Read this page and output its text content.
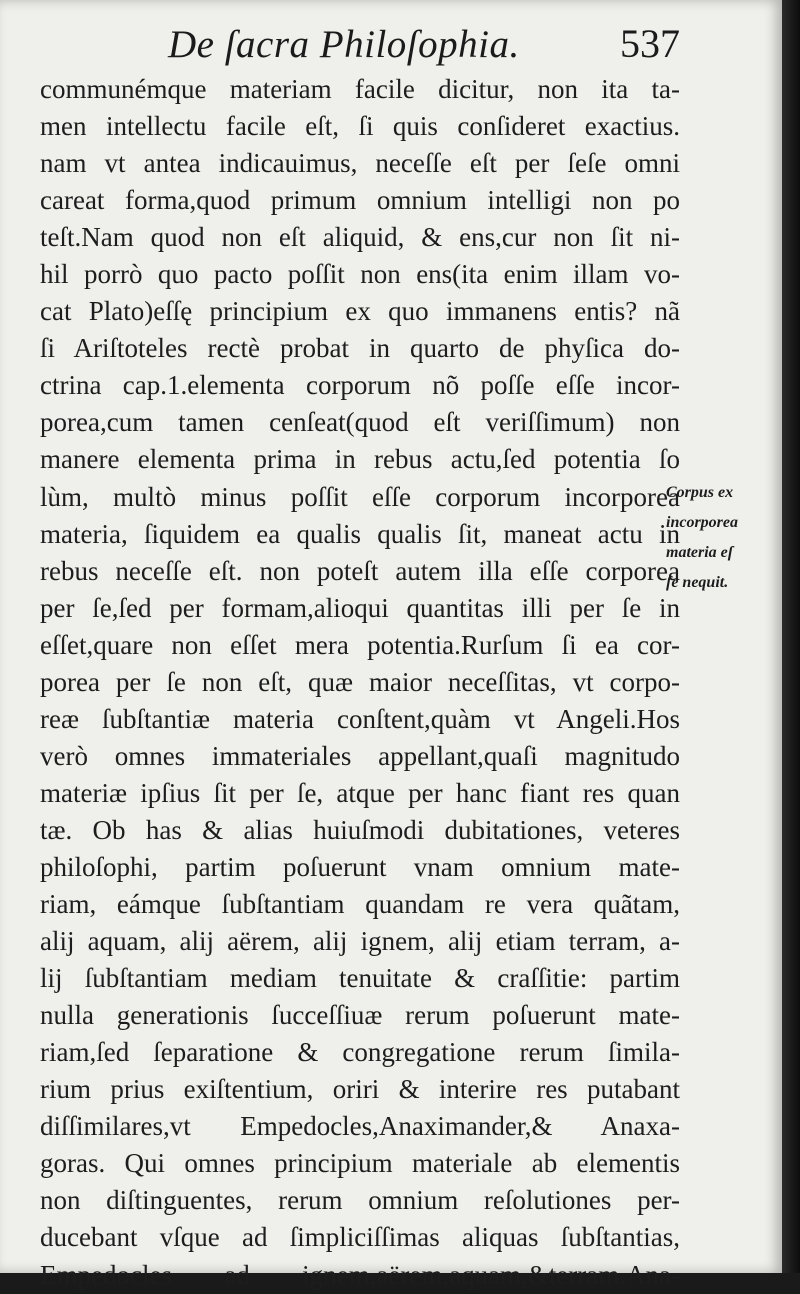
De ſacra Philoſophia.	537
communémque materiam facile dicitur, non ita ta-
men intellectu facile eſt, ſi quis conſideret exactius.
nam vt antea indicauimus, neceſſe eſt per ſeſe omni
careat forma,quod primum omnium intelligi non po
teſt.Nam quod non eſt aliquid, & ens,cur non ſit ni-
hil porrò quo pacto poſſit non ens(ita enim illam vo-
cat Plato)eſſę principium ex quo immanens entis? nã
ſi Ariſtoteles rectè probat in quarto de phyſica do-
ctrina cap.1.elementa corporum nõ poſſe eſſe incor-
porea,cum tamen cenſeat(quod eſt veriſſimum) non
manere elementa prima in rebus actu,ſed potentia ſo
lùm, multò minus poſſit eſſe corporum incorporea
materia, ſiquidem ea qualis qualis ſit, maneat actu in
rebus neceſſe eſt. non poteſt autem illa eſſe corporea
per ſe,ſed per formam,alioqui quantitas illi per ſe in
eſſet,quare non eſſet mera potentia.Rurſum ſi ea cor-
porea per ſe non eſt, quæ maior neceſſitas, vt corpo-
reæ ſubſtantiæ materia conſtent,quàm vt Angeli.Hos
verò omnes immateriales appellant,quaſi magnitudo
materiæ ipſius ſit per ſe, atque per hanc fiant res quan
tæ. Ob has & alias huiuſmodi dubitationes, veteres
philoſophi, partim poſuerunt vnam omnium mate-
riam, eámque ſubſtantiam quandam re vera quãtam,
alij aquam, alij aërem, alij ignem, alij etiam terram, a-
lij ſubſtantiam mediam tenuitate & craſſitie: partim
nulla generationis ſucceſſiuæ rerum poſuerunt mate-
riam,ſed ſeparatione & congregatione rerum ſimila-
rium prius exiſtentium, oriri & interire res putabant
diſſimilares,vt Empedocles,Anaximander,& Anaxa-
goras. Qui omnes principium materiale ab elementis
non diſtinguentes, rerum omnium reſolutiones per-
ducebant vſque ad ſimpliciſſimas aliquas ſubſtantias,
Empedocles ad ignem,aërem,aquam,&terram.Ana-
Corpus ex
incorporea
materia eſ
ſe nequit.
